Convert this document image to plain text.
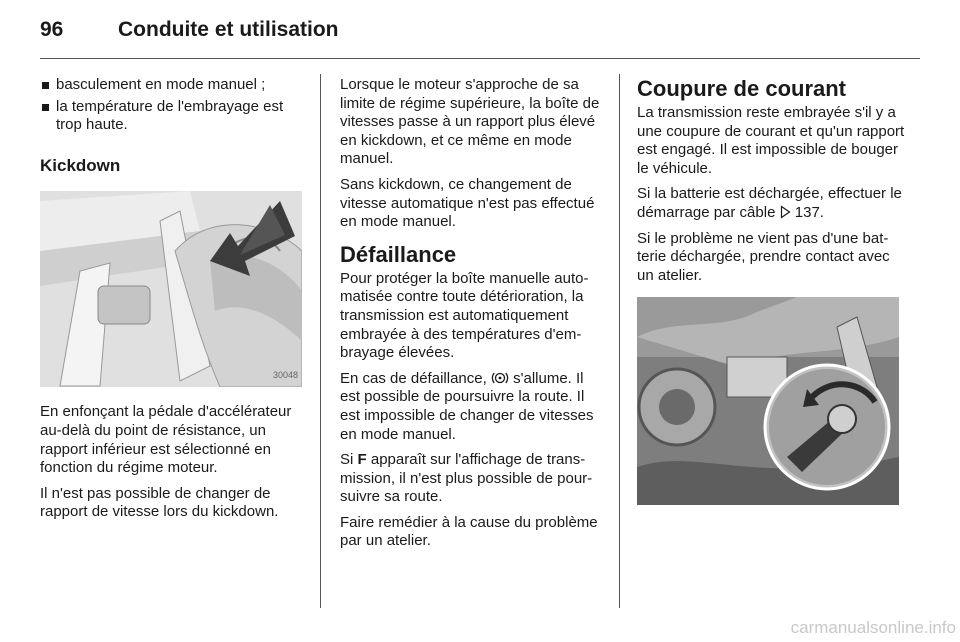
96	Conduite et utilisation
basculement en mode manuel ;
la température de l'embrayage est trop haute.
Kickdown
30048

En enfonçant la pédale d'accélérateur au-delà du point de résistance, un rapport inférieur est sélectionné en fonction du régime moteur.

Il n'est pas possible de changer de rapport de vitesse lors du kickdown.

Lorsque le moteur s'approche de sa limite de régime supérieure, la boîte de vitesses passe à un rapport plus élevé en kickdown, et ce même en mode manuel.

Sans kickdown, ce changement de vitesse automatique n'est pas effectué en mode manuel.

Défaillance

Pour protéger la boîte manuelle automatisée contre toute détérioration, la transmission est automatiquement embrayée à des températures d'embrayage élevées.

En cas de défaillance, s'allume. Il est possible de poursuivre la route. Il est impossible de changer de vitesses en mode manuel.

Si F apparaît sur l'affichage de transmission, il n'est plus possible de poursuivre sa route.

Faire remédier à la cause du problème par un atelier.

Coupure de courant

La transmission reste embrayée s'il y a une coupure de courant et qu'un rapport est engagé. Il est impossible de bouger le véhicule.

Si la batterie est déchargée, effectuer le démarrage par câble 137.

Si le problème ne vient pas d'une batterie déchargée, prendre contact avec un atelier.

carmanualsonline.info
